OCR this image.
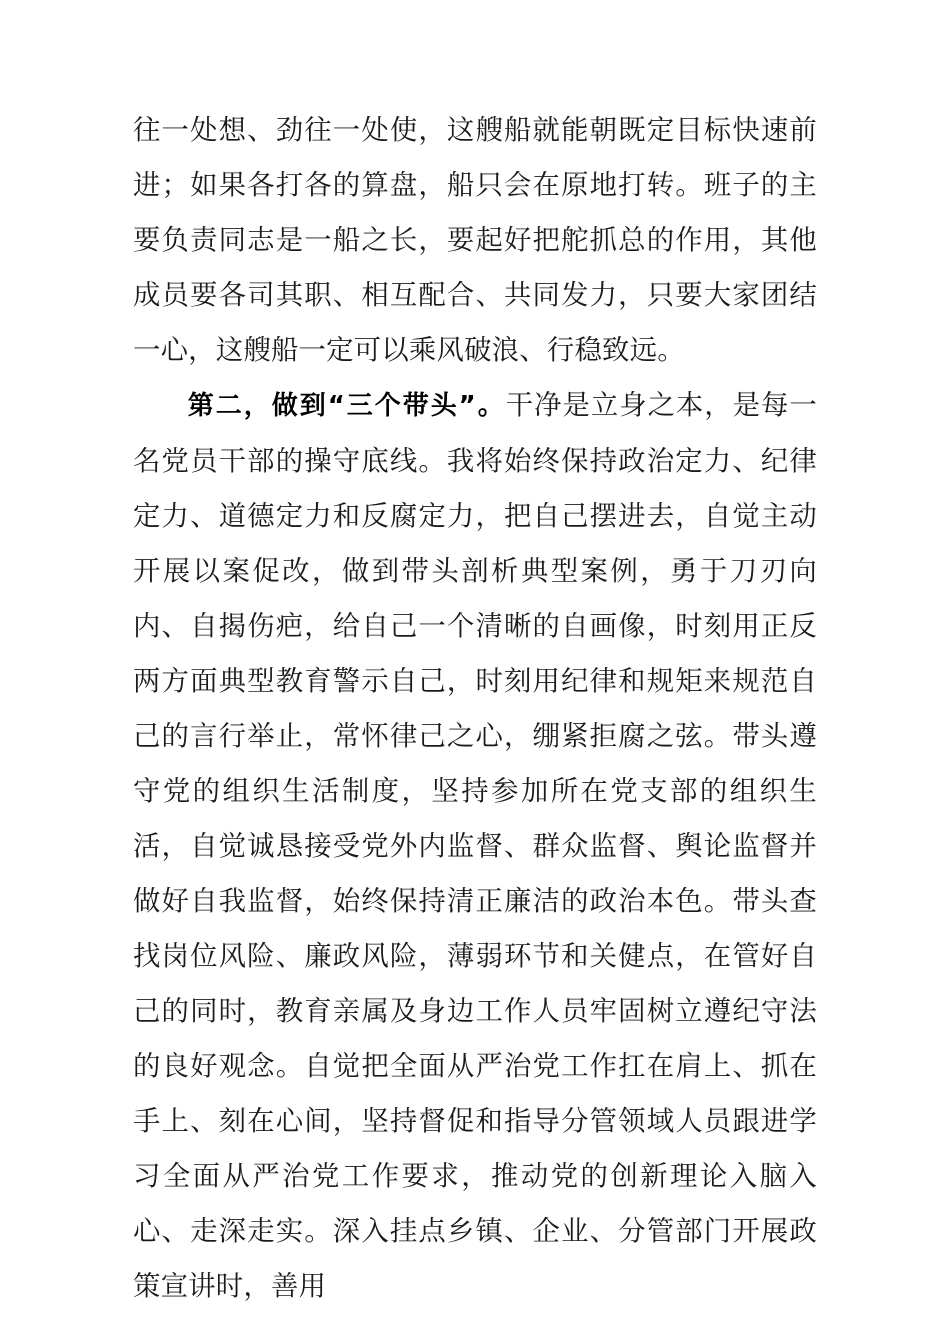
往一处想、劲往一处使，这艘船就能朝既定目标快速前进；如果各打各的算盘，船只会在原地打转。班子的主要负责同志是一船之长，要起好把舵抓总的作用，其他成员要各司其职、相互配合、共同发力，只要大家团结一心，这艘船一定可以乘风破浪、行稳致远。

第二，做到“三个带头”。干净是立身之本，是每一名党员干部的操守底线。我将始终保持政治定力、纪律定力、道德定力和反腐定力，把自己摆进去，自觉主动开展以案促改，做到带头剖析典型案例，勇于刀刃向内、自揭伤疤，给自己一个清晰的自画像，时刻用正反两方面典型教育警示自己，时刻用纪律和规矩来规范自己的言行举止，常怀律己之心，绷紧拒腐之弦。带头遵守党的组织生活制度，坚持参加所在党支部的组织生活，自觉诚恳接受党外内监督、群众监督、舆论监督并做好自我监督，始终保持清正廉洁的政治本色。带头查找岗位风险、廉政风险，薄弱环节和关健点，在管好自己的同时，教育亲属及身边工作人员牢固树立遵纪守法的良好观念。自觉把全面从严治党工作扛在肩上、抓在手上、刻在心间，坚持督促和指导分管领域人员跟进学习全面从严治党工作要求，推动党的创新理论入脑入心、走深走实。深入挂点乡镇、企业、分管部门开展政策宣讲时，善用
